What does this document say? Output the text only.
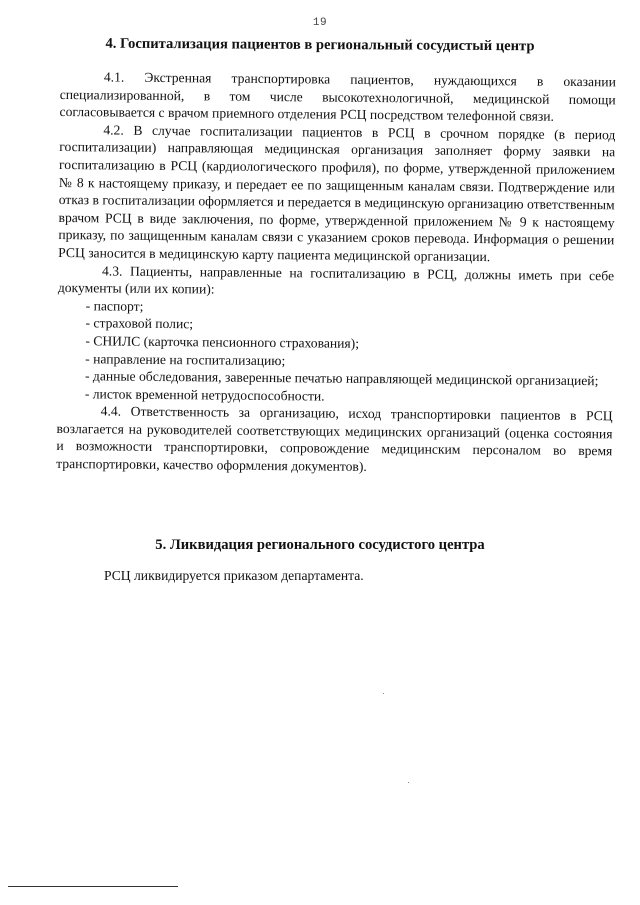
19
4. Госпитализация пациентов в региональный сосудистый центр

4.1. Экстренная транспортировка пациентов, нуждающихся в оказании специализированной, в том числе высокотехнологичной, медицинской помощи согласовывается с врачом приемного отделения РСЦ посредством телефонной связи.

4.2. В случае госпитализации пациентов в РСЦ в срочном порядке (в период госпитализации) направляющая медицинская организация заполняет форму заявки на госпитализацию в РСЦ (кардиологического профиля), по форме, утвержденной приложением № 8 к настоящему приказу, и передает ее по защищенным каналам связи. Подтверждение или отказ в госпитализации оформляется и передается в медицинскую организацию ответственным врачом РСЦ в виде заключения, по форме, утвержденной приложением № 9 к настоящему приказу, по защищенным каналам связи с указанием сроков перевода. Информация о решении РСЦ заносится в медицинскую карту пациента медицинской организации.

4.3. Пациенты, направленные на госпитализацию в РСЦ, должны иметь при себе документы (или их копии):

- паспорт;

- страховой полис;

- СНИЛС (карточка пенсионного страхования);

- направление на госпитализацию;

- данные обследования, заверенные печатью направляющей медицинской организацией;

- листок временной нетрудоспособности.

4.4. Ответственность за организацию, исход транспортировки пациентов в РСЦ возлагается на руководителей соответствующих медицинских организаций (оценка состояния и возможности транспортировки, сопровождение медицинским персоналом во время транспортировки, качество оформления документов).

5. Ликвидация регионального сосудистого центра

РСЦ ликвидируется приказом департамента.
